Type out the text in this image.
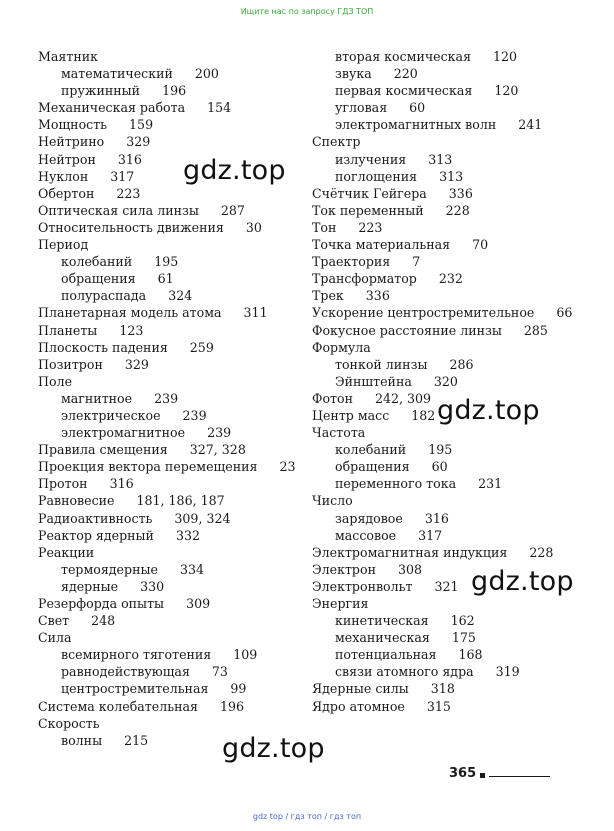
Ищите нас по запросу ГДЗ ТОП
Маятник
математический 200
пружинный 196
Механическая работа 154
Мощность 159
Нейтрино 329
Нейтрон 316
Нуклон 317
Обертон 223
Оптическая сила линзы 287
Относительность движения 30
Период
колебаний 195
обращения 61
полураспада 324
Планетарная модель атома 311
Планеты 123
Плоскость падения 259
Позитрон 329
Поле
магнитное 239
электрическое 239
электромагнитное 239
Правила смещения 327, 328
Проекция вектора перемещения 23
Протон 316
Равновесие 181, 186, 187
Радиоактивность 309, 324
Реактор ядерный 332
Реакции
термоядерные 334
ядерные 330
Резерфорда опыты 309
Свет 248
Сила
всемирного тяготения 109
равнодействующая 73
центростремительная 99
Система колебательная 196
Скорость
волны 215
вторая космическая 120
звука 220
первая космическая 120
угловая 60
электромагнитных волн 241
Спектр
излучения 313
поглощения 313
Счётчик Гейгера 336
Ток переменный 228
Тон 223
Точка материальная 70
Траектория 7
Трансформатор 232
Трек 336
Ускорение центростремительное 66
Фокусное расстояние линзы 285
Формула
тонкой линзы 286
Эйнштейна 320
Фотон 242, 309
Центр масс 182
Частота
колебаний 195
обращения 60
переменного тока 231
Число
зарядовое 316
массовое 317
Электромагнитная индукция 228
Электрон 308
Электронвольт 321
Энергия
кинетическая 162
механическая 175
потенциальная 168
связи атомного ядра 319
Ядерные силы 318
Ядро атомное 315
gdz.top
gdz.top
gdz.top
gdz.top
365
gdz top / гдз топ / гдз топ
